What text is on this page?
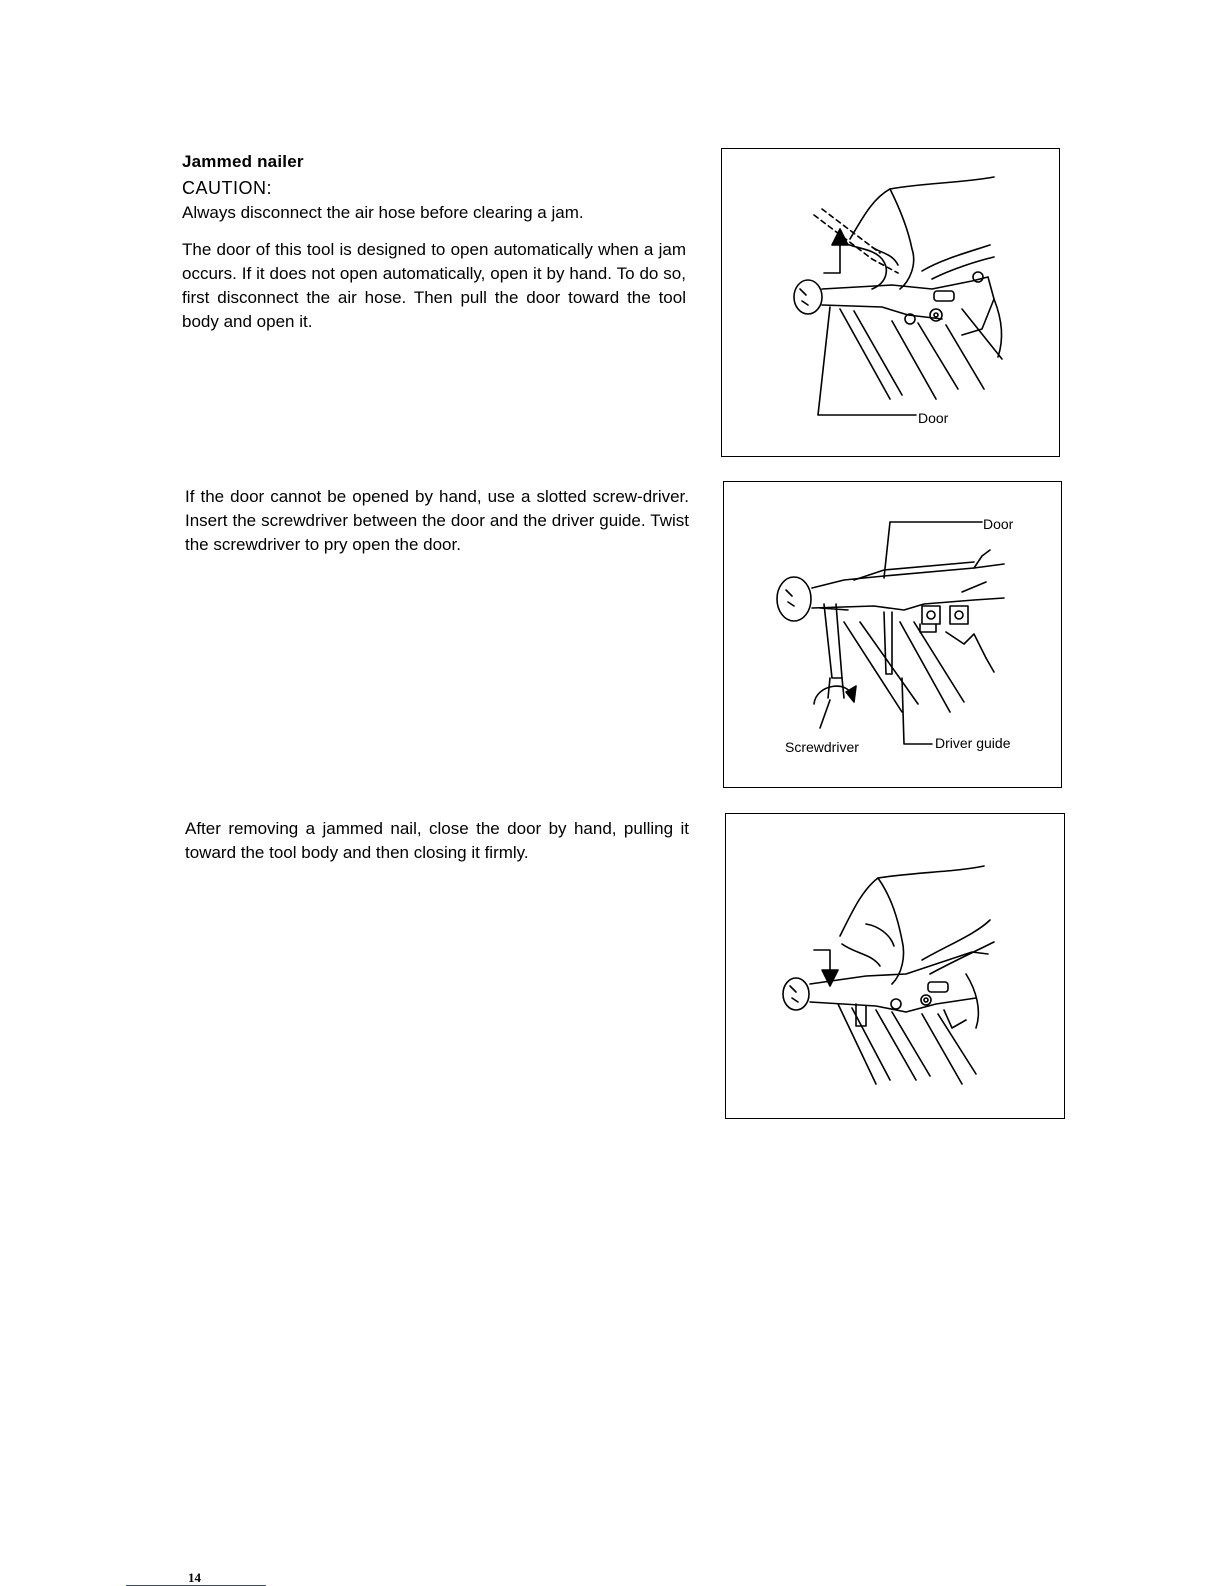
Jammed nailer
CAUTION:
Always disconnect the air hose before clearing a jam.
The door of this tool is designed to open automatically when a jam occurs. If it does not open automatically, open it by hand. To do so, first disconnect the air hose. Then pull the door toward the tool body and open it.
If the door cannot be opened by hand, use a slotted screw-driver. Insert the screwdriver between the door and the driver guide. Twist the screwdriver to pry open the door.
After removing a jammed nail, close the door by hand, pulling it toward the tool body and then closing it firmly.
Door
Door
Screwdriver	Driver guide
14
